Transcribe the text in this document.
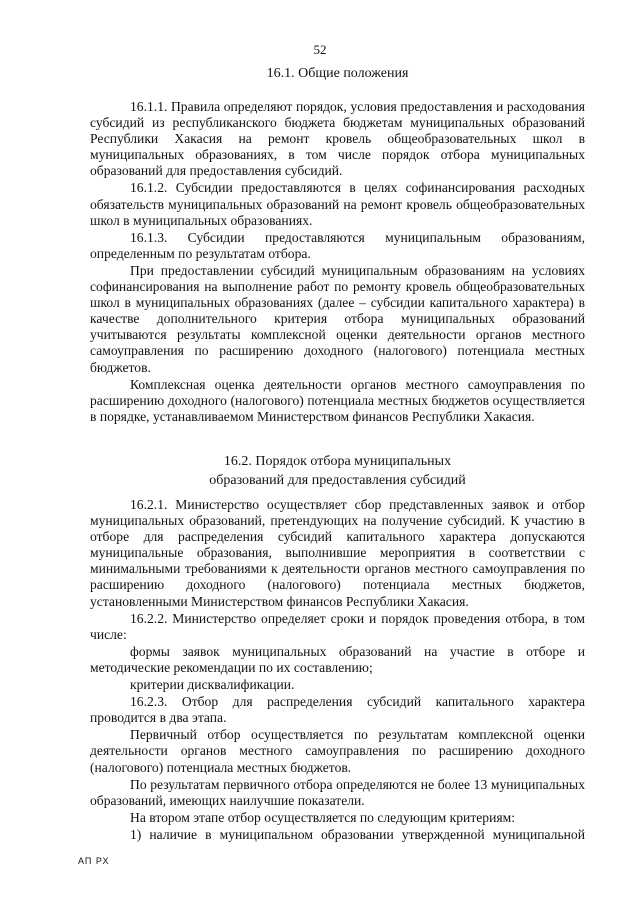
52
16.1. Общие положения

16.1.1. Правила определяют порядок, условия предоставления и расходования субсидий из республиканского бюджета бюджетам муниципальных образований Республики Хакасия на ремонт кровель общеобразовательных школ в муниципальных образованиях, в том числе порядок отбора муниципальных образований для предоставления субсидий.

16.1.2. Субсидии предоставляются в целях софинансирования расходных обязательств муниципальных образований на ремонт кровель общеобразовательных школ в муниципальных образованиях.

16.1.3. Субсидии предоставляются муниципальным образованиям, определенным по результатам отбора.

При предоставлении субсидий муниципальным образованиям на условиях софинансирования на выполнение работ по ремонту кровель общеобразовательных школ в муниципальных образованиях (далее – субсидии капитального характера) в качестве дополнительного критерия отбора муниципальных образований учитываются результаты комплексной оценки деятельности органов местного самоуправления по расширению доходного (налогового) потенциала местных бюджетов.

Комплексная оценка деятельности органов местного самоуправления по расширению доходного (налогового) потенциала местных бюджетов осуществляется в порядке, устанавливаемом Министерством финансов Республики Хакасия.

16.2. Порядок отбора муниципальных
образований для предоставления субсидий

16.2.1. Министерство осуществляет сбор представленных заявок и отбор муниципальных образований, претендующих на получение субсидий. К участию в отборе для распределения субсидий капитального характера допускаются муниципальные образования, выполнившие мероприятия в соответствии с минимальными требованиями к деятельности органов местного самоуправления по расширению доходного (налогового) потенциала местных бюджетов, установленными Министерством финансов Республики Хакасия.

16.2.2. Министерство определяет сроки и порядок проведения отбора, в том числе:

формы заявок муниципальных образований на участие в отборе и методические рекомендации по их составлению;

критерии дисквалификации.

16.2.3. Отбор для распределения субсидий капитального характера проводится в два этапа.

Первичный отбор осуществляется по результатам комплексной оценки деятельности органов местного самоуправления по расширению доходного (налогового) потенциала местных бюджетов.

По результатам первичного отбора определяются не более 13 муниципальных образований, имеющих наилучшие показатели.

На втором этапе отбор осуществляется по следующим критериям:

1) наличие в муниципальном образовании утвержденной муниципальной

АП РХ
